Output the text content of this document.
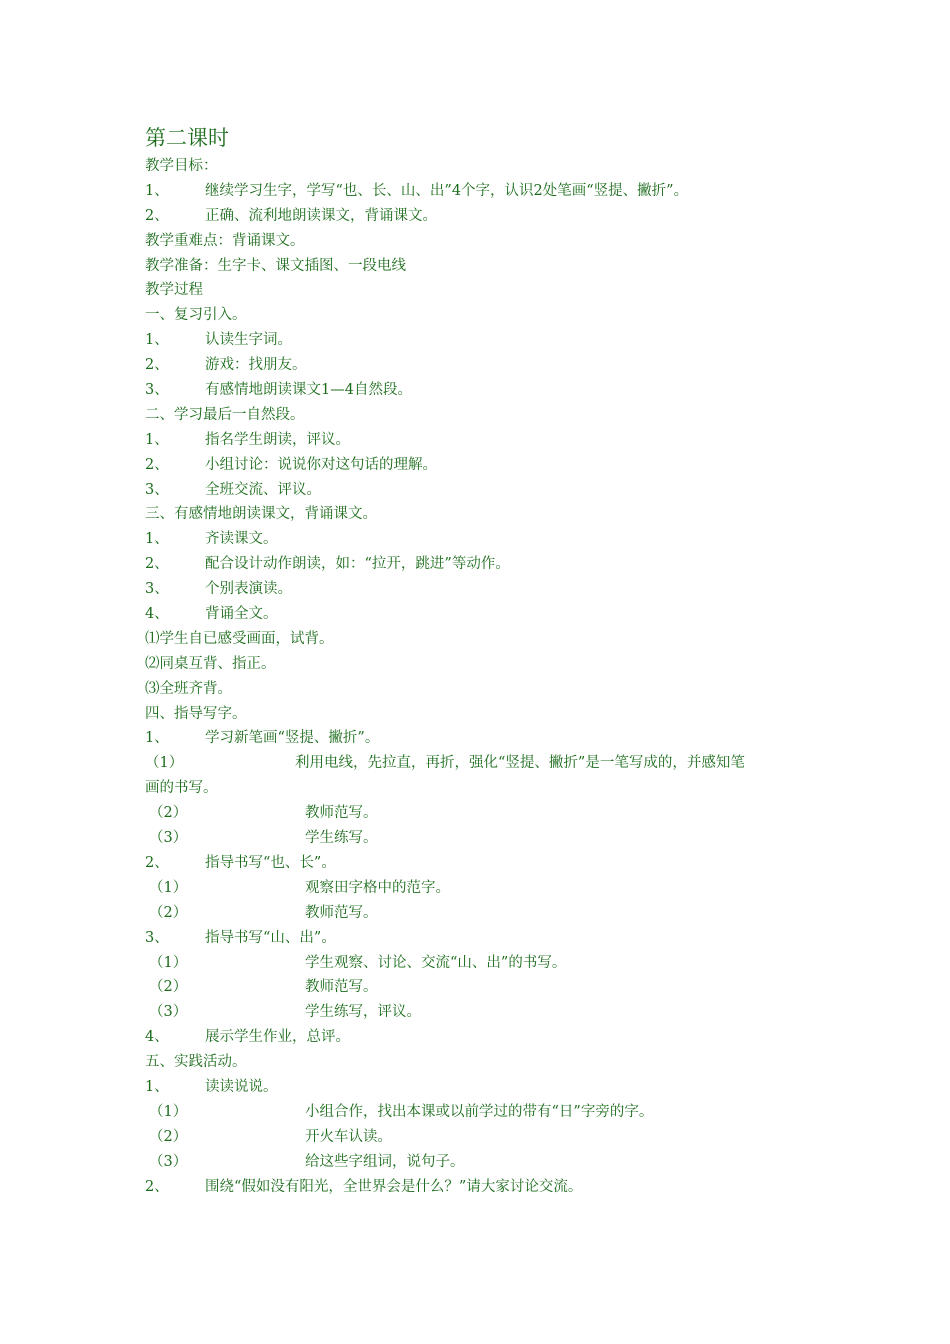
第二课时
教学目标：
1、	继续学习生字，学写“也、长、山、出”4个字，认识2处笔画“竖提、撇折”。
2、	正确、流利地朗读课文，背诵课文。
教学重难点：背诵课文。
教学准备：生字卡、课文插图、一段电线
教学过程
一、复习引入。
1、	认读生字词。
2、	游戏：找朋友。
3、	有感情地朗读课文1—4自然段。
二、学习最后一自然段。
1、	指名学生朗读，评议。
2、	小组讨论：说说你对这句话的理解。
3、	全班交流、评议。
三、有感情地朗读课文，背诵课文。
1、	齐读课文。
2、	配合设计动作朗读，如：“拉开，跳进”等动作。
3、	个别表演读。
4、	背诵全文。
⑴学生自已感受画面，试背。
⑵同桌互背、指正。
⑶全班齐背。
四、指导写字。
1、	学习新笔画“竖提、撇折”。
（1）	利用电线，先拉直，再折，强化“竖提、撇折”是一笔写成的，并感知笔
画的书写。
（2）	教师范写。
（3）	学生练写。
2、	指导书写“也、长”。
（1）	观察田字格中的范字。
（2）	教师范写。
3、	指导书写“山、出”。
（1）	学生观察、讨论、交流“山、出”的书写。
（2）	教师范写。
（3）	学生练写，评议。
4、	展示学生作业，总评。
五、实践活动。
1、	读读说说。
（1）	小组合作，找出本课或以前学过的带有“日”字旁的字。
（2）	开火车认读。
（3）	给这些字组词，说句子。
2、	围绕“假如没有阳光，全世界会是什么？”请大家讨论交流。
